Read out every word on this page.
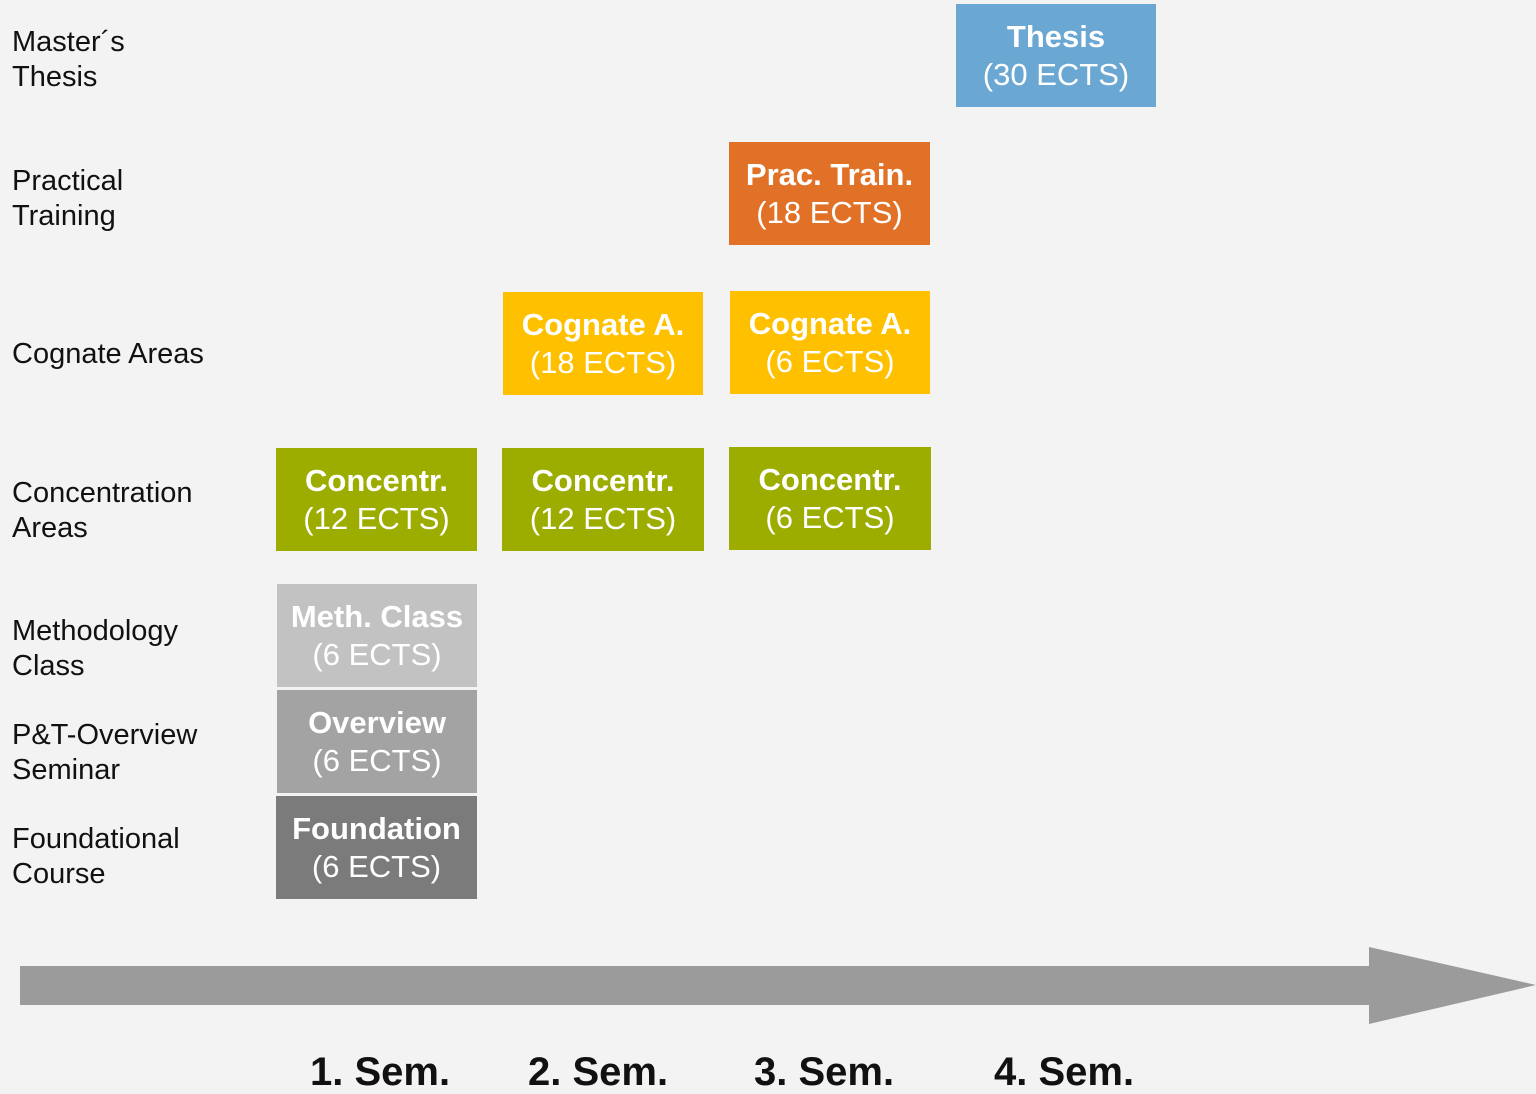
Master´s
Thesis
Practical
Training
Cognate Areas
Concentration
Areas
Methodology
Class
P&T-Overview
Seminar
Foundational
Course
Thesis
(30 ECTS)
Prac. Train.
(18 ECTS)
Cognate A.
(18 ECTS)
Cognate A.
(6 ECTS)
Concentr.
(12 ECTS)
Concentr.
(12 ECTS)
Concentr.
(6 ECTS)
Meth. Class
(6 ECTS)
Overview
(6 ECTS)
Foundation
(6 ECTS)
1. Sem. 2. Sem. 3. Sem. 4. Sem.
